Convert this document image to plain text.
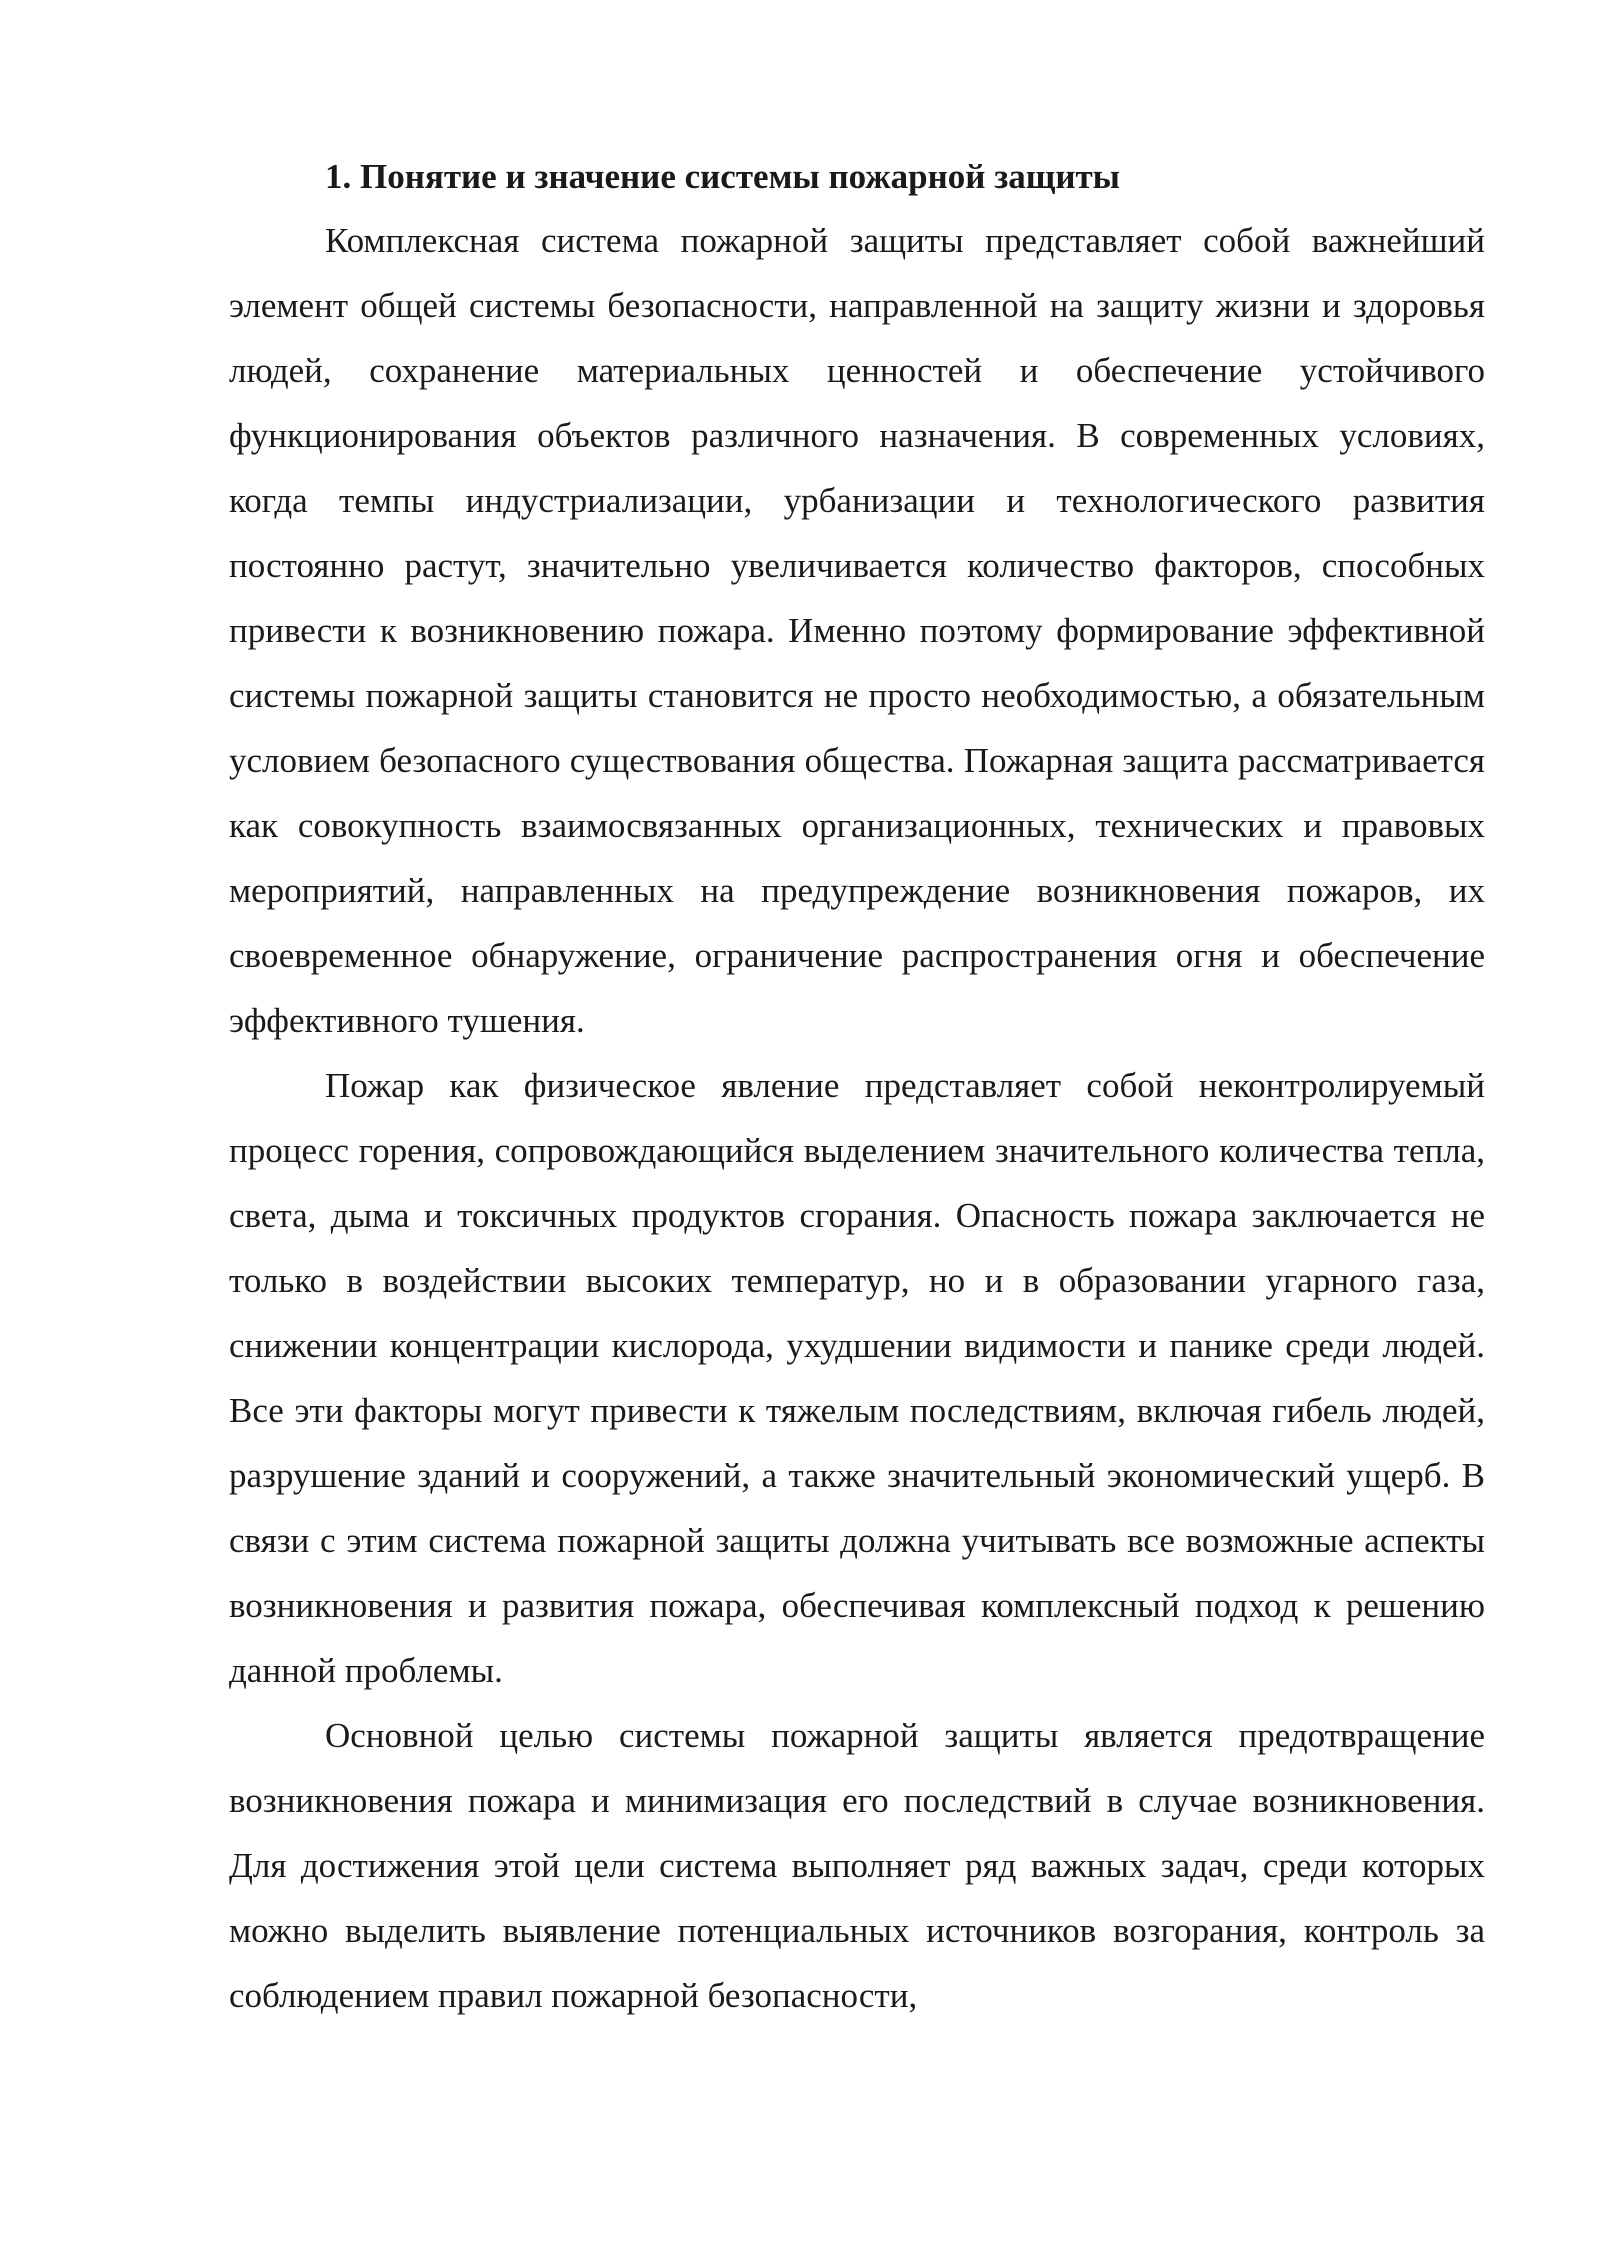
1. Понятие и значение системы пожарной защиты

Комплексная система пожарной защиты представляет собой важнейший элемент общей системы безопасности, направленной на защиту жизни и здоровья людей, сохранение материальных ценностей и обеспечение устойчивого функционирования объектов различного назначения. В современных условиях, когда темпы индустриализации, урбанизации и технологического развития постоянно растут, значительно увеличивается количество факторов, способных привести к возникновению пожара. Именно поэтому формирование эффективной системы пожарной защиты становится не просто необходимостью, а обязательным условием безопасного существования общества. Пожарная защита рассматривается как совокупность взаимосвязанных организационных, технических и правовых мероприятий, направленных на предупреждение возникновения пожаров, их своевременное обнаружение, ограничение распространения огня и обеспечение эффективного тушения.

Пожар как физическое явление представляет собой неконтролируемый процесс горения, сопровождающийся выделением значительного количества тепла, света, дыма и токсичных продуктов сгорания. Опасность пожара заключается не только в воздействии высоких температур, но и в образовании угарного газа, снижении концентрации кислорода, ухудшении видимости и панике среди людей. Все эти факторы могут привести к тяжелым последствиям, включая гибель людей, разрушение зданий и сооружений, а также значительный экономический ущерб. В связи с этим система пожарной защиты должна учитывать все возможные аспекты возникновения и развития пожара, обеспечивая комплексный подход к решению данной проблемы.

Основной целью системы пожарной защиты является предотвращение возникновения пожара и минимизация его последствий в случае возникновения. Для достижения этой цели система выполняет ряд важных задач, среди которых можно выделить выявление потенциальных источников возгорания, контроль за соблюдением правил пожарной безопасности,
